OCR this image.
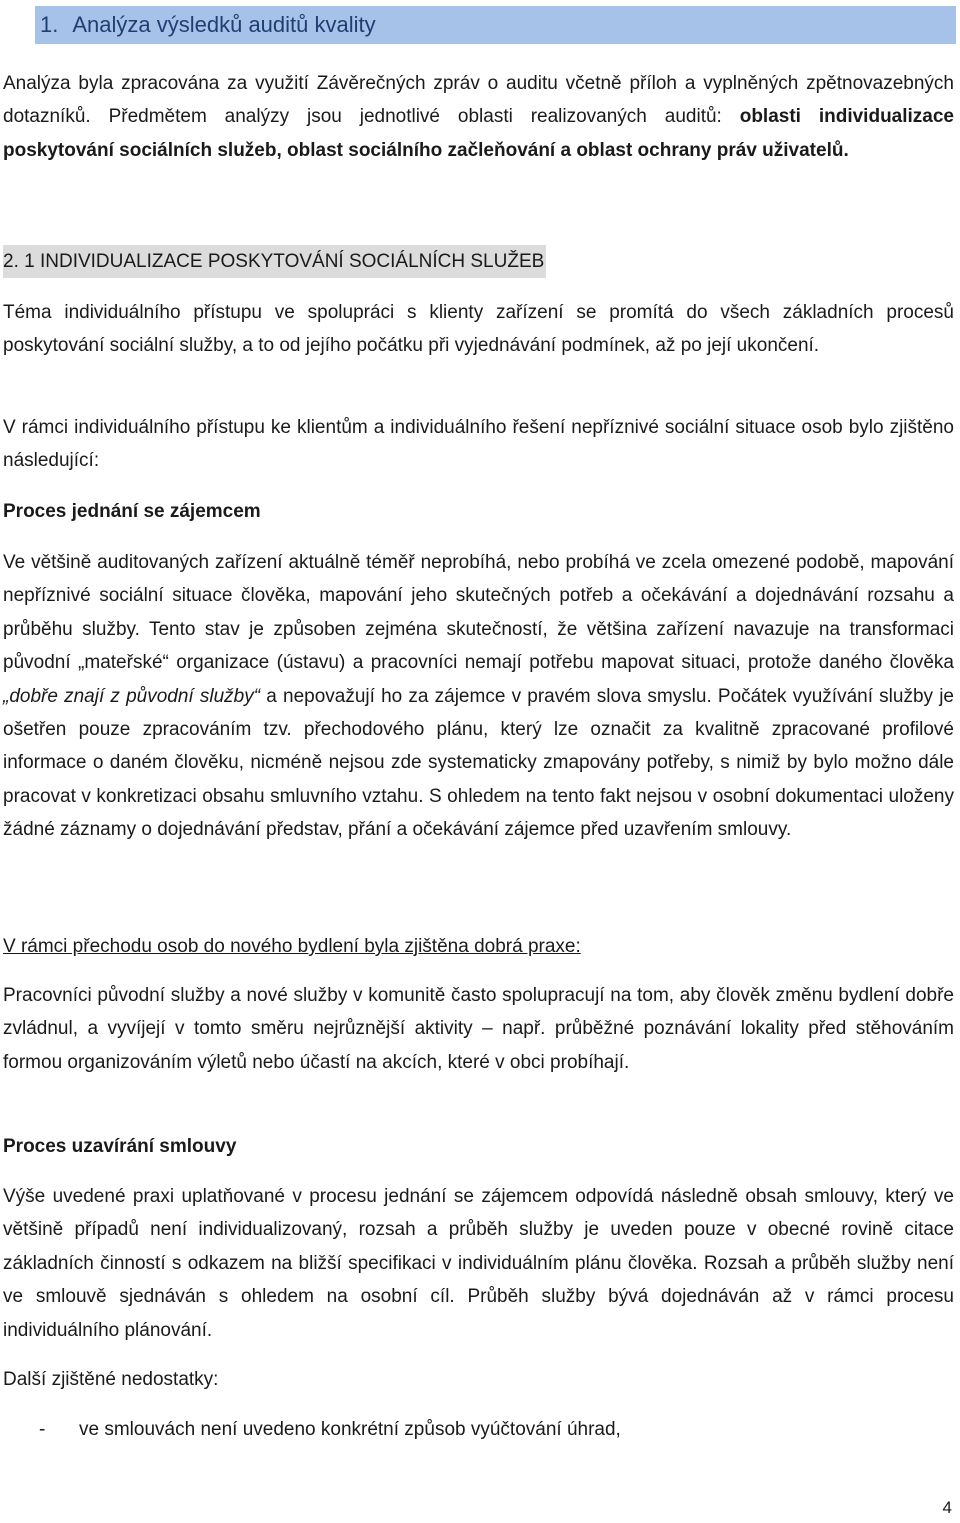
1. Analýza výsledků auditů kvality

Analýza byla zpracována za využití Závěrečných zpráv o auditu včetně příloh a vyplněných zpětnovazebných dotazníků. Předmětem analýzy jsou jednotlivé oblasti realizovaných auditů: oblasti individualizace poskytování sociálních služeb, oblast sociálního začleňování a oblast ochrany práv uživatelů.

2. 1 INDIVIDUALIZACE POSKYTOVÁNÍ SOCIÁLNÍCH SLUŽEB

Téma individuálního přístupu ve spolupráci s klienty zařízení se promítá do všech základních procesů poskytování sociální služby, a to od jejího počátku při vyjednávání podmínek, až po její ukončení.

V rámci individuálního přístupu ke klientům a individuálního řešení nepříznivé sociální situace osob bylo zjištěno následující:

Proces jednání se zájemcem

Ve většině auditovaných zařízení aktuálně téměř neprobíhá, nebo probíhá ve zcela omezené podobě, mapování nepříznivé sociální situace člověka, mapování jeho skutečných potřeb a očekávání a dojednávání rozsahu a průběhu služby. Tento stav je způsoben zejména skutečností, že většina zařízení navazuje na transformaci původní „mateřské“ organizace (ústavu) a pracovníci nemají potřebu mapovat situaci, protože daného člověka „dobře znají z původní služby“ a nepovažují ho za zájemce v pravém slova smyslu. Počátek využívání služby je ošetřen pouze zpracováním tzv. přechodového plánu, který lze označit za kvalitně zpracované profilové informace o daném člověku, nicméně nejsou zde systematicky zmapovány potřeby, s nimiž by bylo možno dále pracovat v konkretizaci obsahu smluvního vztahu. S ohledem na tento fakt nejsou v osobní dokumentaci uloženy žádné záznamy o dojednávání představ, přání a očekávání zájemce před uzavřením smlouvy.

V rámci přechodu osob do nového bydlení byla zjištěna dobrá praxe:

Pracovníci původní služby a nové služby v komunitě často spolupracují na tom, aby člověk změnu bydlení dobře zvládnul, a vyvíjejí v tomto směru nejrůznější aktivity – např. průběžné poznávání lokality před stěhováním formou organizováním výletů nebo účastí na akcích, které v obci probíhají.

Proces uzavírání smlouvy

Výše uvedené praxi uplatňované v procesu jednání se zájemcem odpovídá následně obsah smlouvy, který ve většině případů není individualizovaný, rozsah a průběh služby je uveden pouze v obecné rovině citace základních činností s odkazem na bližší specifikaci v individuálním plánu člověka. Rozsah a průběh služby není ve smlouvě sjednáván s ohledem na osobní cíl. Průběh služby bývá dojednáván až v rámci procesu individuálního plánování.

Další zjištěné nedostatky:
- ve smlouvách není uvedeno konkrétní způsob vyúčtování úhrad,
4
